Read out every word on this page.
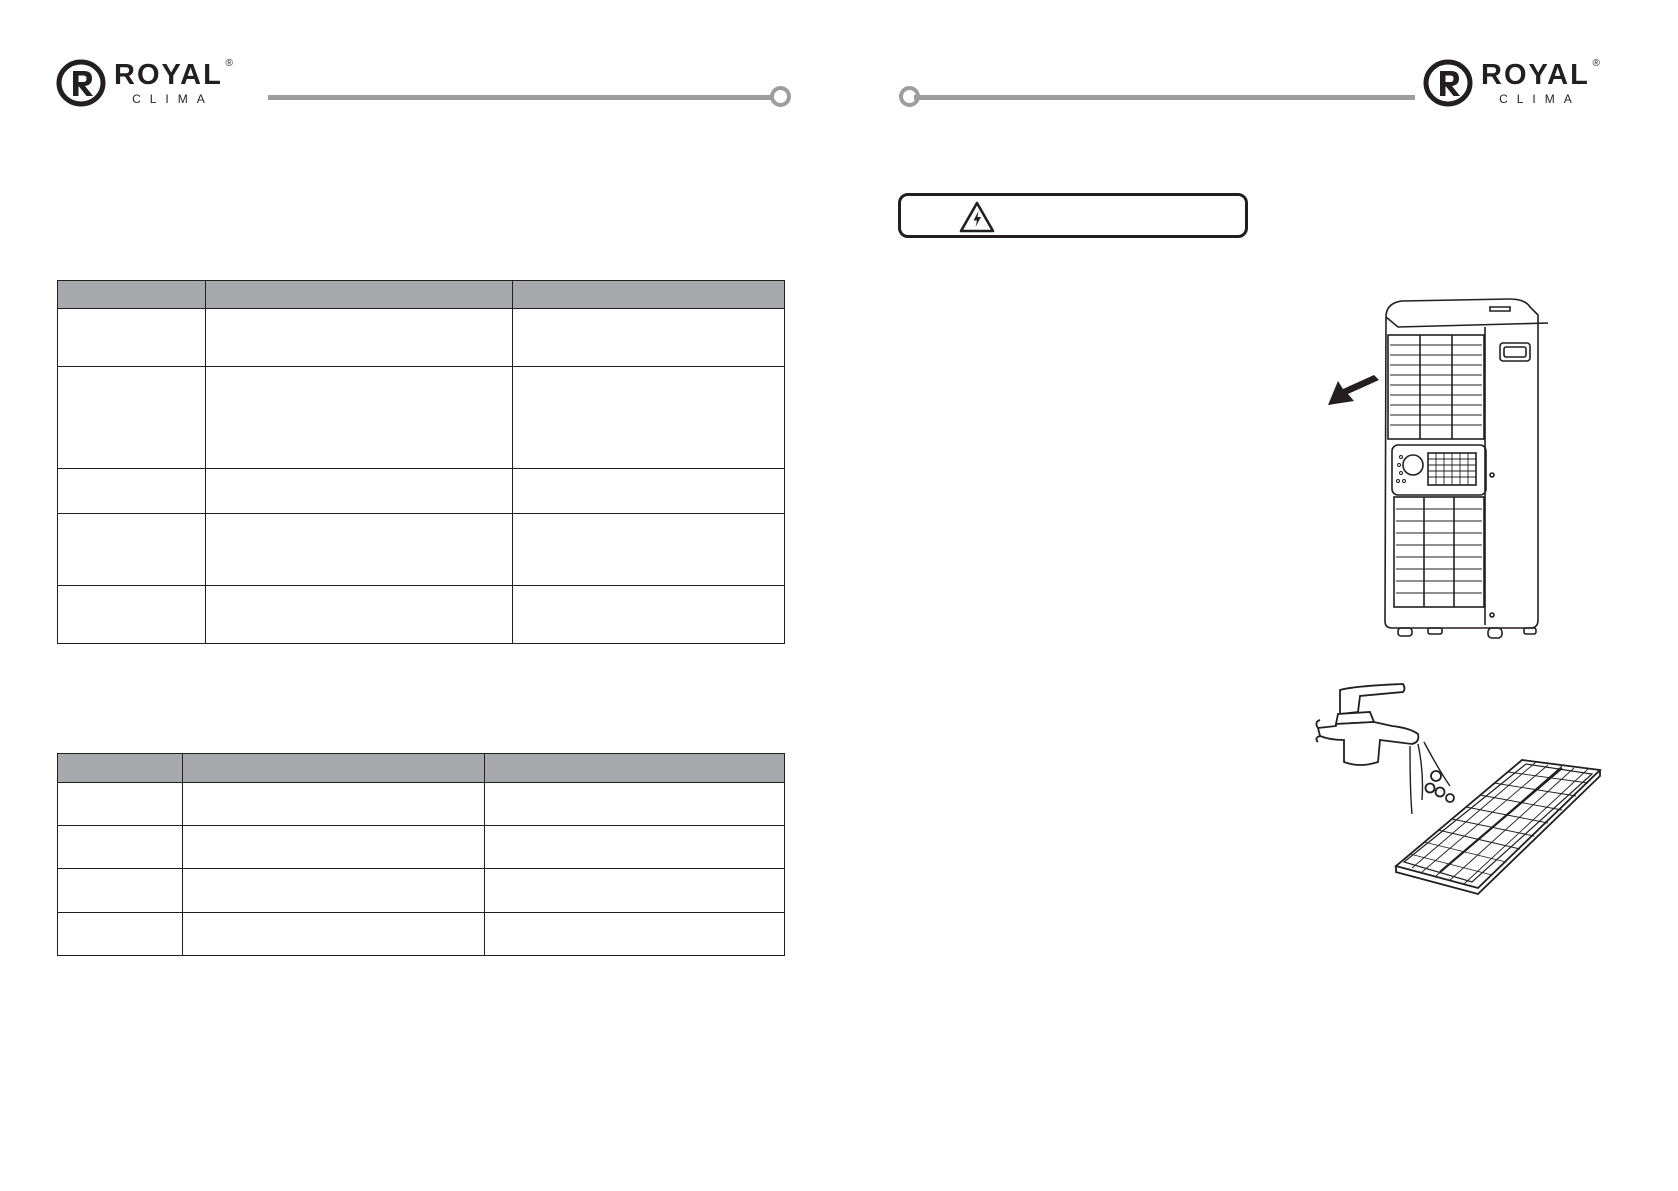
ROYAL ®
CLIMA
ROYAL ®
CLIMA
